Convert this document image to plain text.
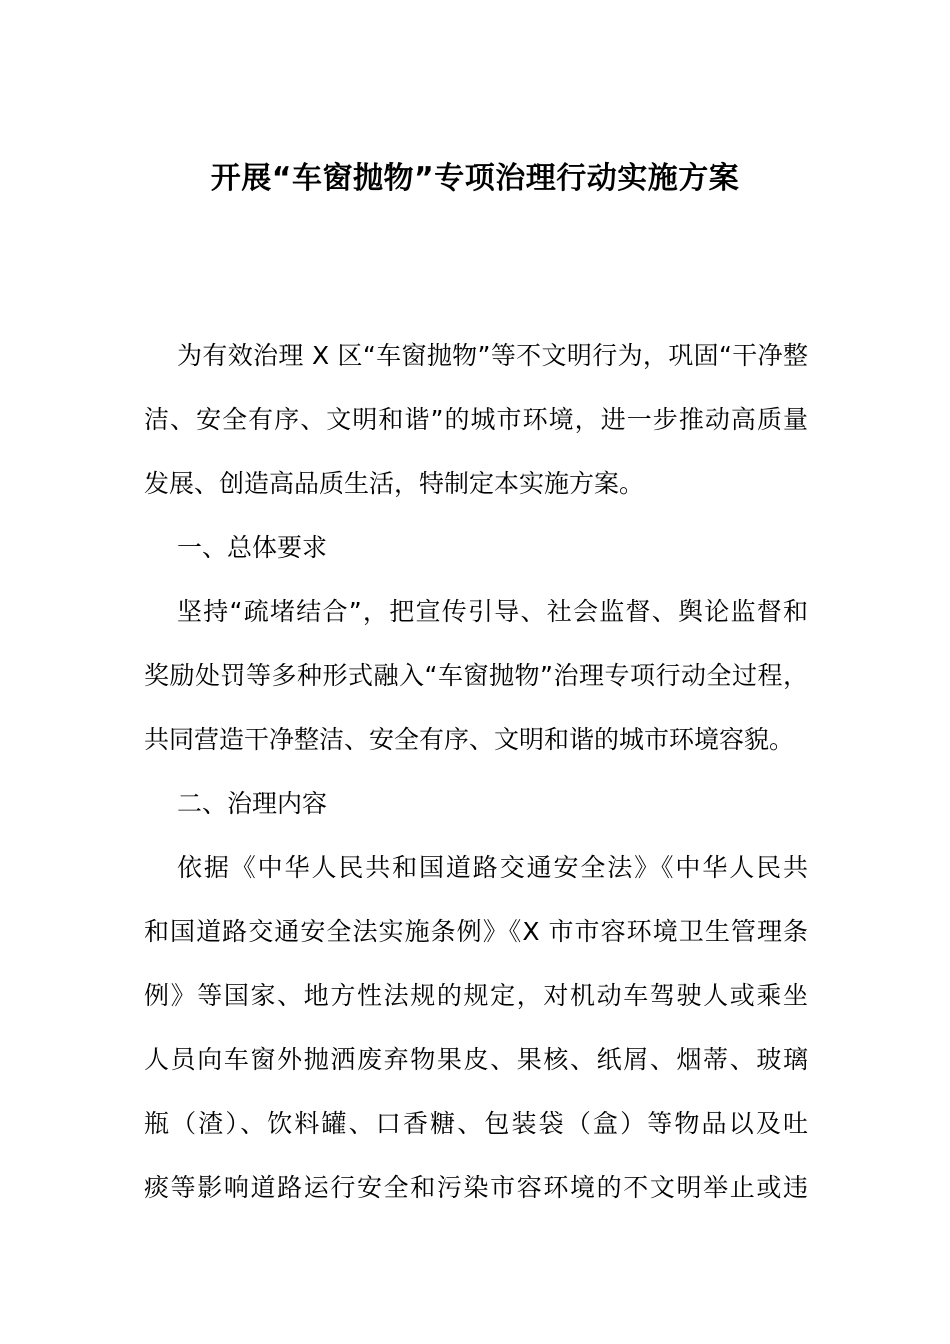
开展“车窗抛物”专项治理行动实施方案
为有效治理 X 区“车窗抛物”等不文明行为，巩固“干净整
洁、安全有序、文明和谐”的城市环境，进一步推动高质量
发展、创造高品质生活，特制定本实施方案。
一、总体要求
坚持“疏堵结合”，把宣传引导、社会监督、舆论监督和
奖励处罚等多种形式融入“车窗抛物”治理专项行动全过程，
共同营造干净整洁、安全有序、文明和谐的城市环境容貌。
二、治理内容
依据《中华人民共和国道路交通安全法》《中华人民共
和国道路交通安全法实施条例》《X 市市容环境卫生管理条
例》等国家、地方性法规的规定，对机动车驾驶人或乘坐
人员向车窗外抛洒废弃物果皮、果核、纸屑、烟蒂、玻璃
瓶（渣）、饮料罐、口香糖、包装袋（盒）等物品以及吐
痰等影响道路运行安全和污染市容环境的不文明举止或违
